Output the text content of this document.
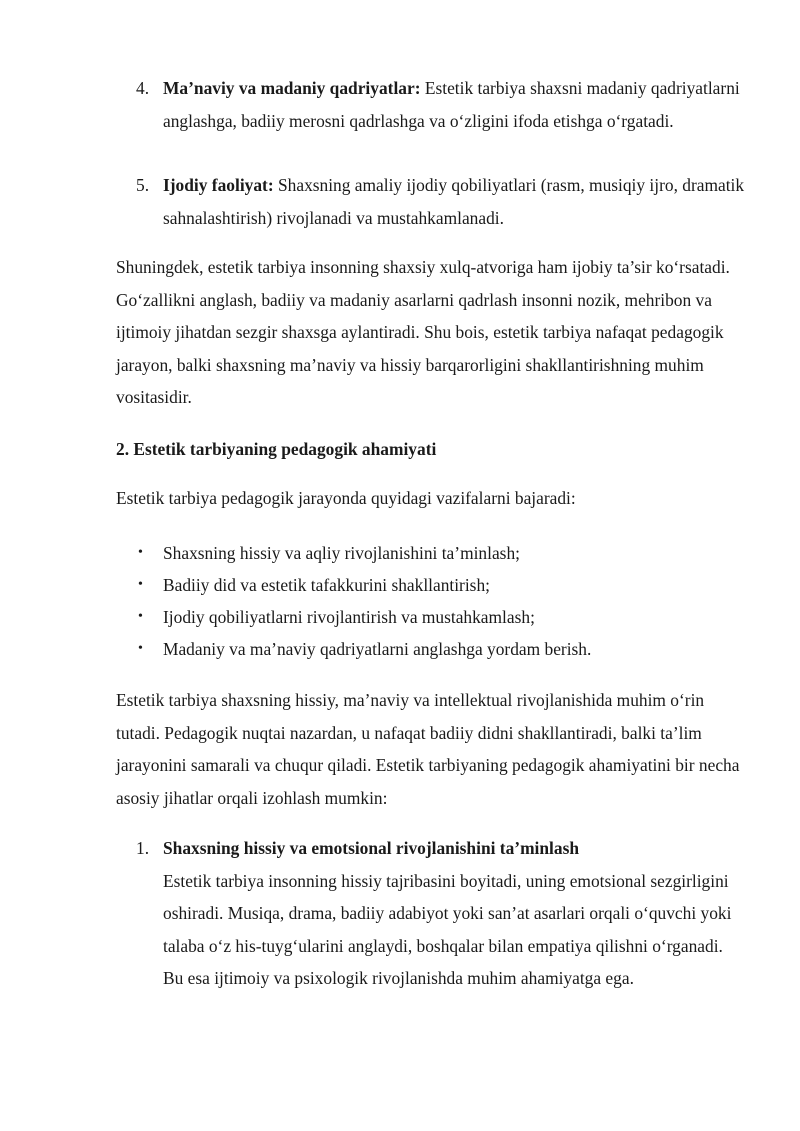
4. Ma’naviy va madaniy qadriyatlar: Estetik tarbiya shaxsni madaniy qadriyatlarni anglashga, badiiy merosni qadrlashga va o‘zligini ifoda etishga o‘rgatadi.
5. Ijodiy faoliyat: Shaxsning amaliy ijodiy qobiliyatlari (rasm, musiqiy ijro, dramatik sahnalashtirish) rivojlanadi va mustahkamlanadi.

Shuningdek, estetik tarbiya insonning shaxsiy xulq-atvoriga ham ijobiy ta’sir ko‘rsatadi. Go‘zallikni anglash, badiiy va madaniy asarlarni qadrlash insonni nozik, mehribon va ijtimoiy jihatdan sezgir shaxsga aylantiradi. Shu bois, estetik tarbiya nafaqat pedagogik jarayon, balki shaxsning ma’naviy va hissiy barqarorligini shakllantirishning muhim vositasidir.

2. Estetik tarbiyaning pedagogik ahamiyati
Estetik tarbiya pedagogik jarayonda quyidagi vazifalarni bajaradi:
• Shaxsning hissiy va aqliy rivojlanishini ta’minlash;
• Badiiy did va estetik tafakkurini shakllantirish;
• Ijodiy qobiliyatlarni rivojlantirish va mustahkamlash;
• Madaniy va ma’naviy qadriyatlarni anglashga yordam berish.

Estetik tarbiya shaxsning hissiy, ma’naviy va intellektual rivojlanishida muhim o‘rin tutadi. Pedagogik nuqtai nazardan, u nafaqat badiiy didni shakllantiradi, balki ta’lim jarayonini samarali va chuqur qiladi. Estetik tarbiyaning pedagogik ahamiyatini bir necha asosiy jihatlar orqali izohlash mumkin:

1. Shaxsning hissiy va emotsional rivojlanishini ta’minlash
Estetik tarbiya insonning hissiy tajribasini boyitadi, uning emotsional sezgirligini oshiradi. Musiqa, drama, badiiy adabiyot yoki san’at asarlari orqali o‘quvchi yoki talaba o‘z his-tuyg‘ularini anglaydi, boshqalar bilan empatiya qilishni o‘rganadi. Bu esa ijtimoiy va psixologik rivojlanishda muhim ahamiyatga ega.
